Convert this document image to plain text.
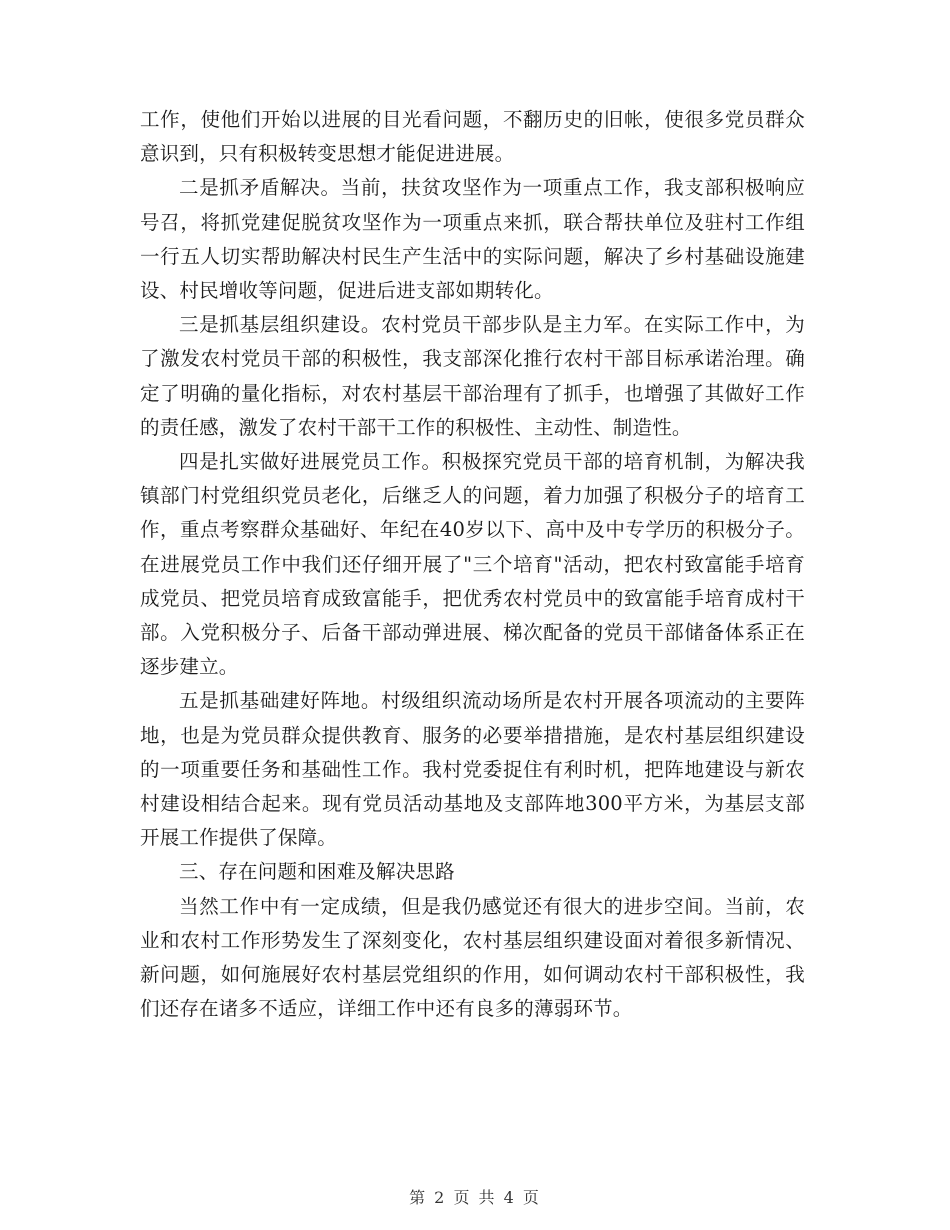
工作，使他们开始以进展的目光看问题，不翻历史的旧帐，使很多党员群众意识到，只有积极转变思想才能促进进展。

二是抓矛盾解决。当前，扶贫攻坚作为一项重点工作，我支部积极响应号召，将抓党建促脱贫攻坚作为一项重点来抓，联合帮扶单位及驻村工作组一行五人切实帮助解决村民生产生活中的实际问题，解决了乡村基础设施建设、村民增收等问题，促进后进支部如期转化。

三是抓基层组织建设。农村党员干部步队是主力军。在实际工作中，为了激发农村党员干部的积极性，我支部深化推行农村干部目标承诺治理。确定了明确的量化指标，对农村基层干部治理有了抓手，也增强了其做好工作的责任感，激发了农村干部干工作的积极性、主动性、制造性。

四是扎实做好进展党员工作。积极探究党员干部的培育机制，为解决我镇部门村党组织党员老化，后继乏人的问题，着力加强了积极分子的培育工作，重点考察群众基础好、年纪在40岁以下、高中及中专学历的积极分子。在进展党员工作中我们还仔细开展了"三个培育"活动，把农村致富能手培育成党员、把党员培育成致富能手，把优秀农村党员中的致富能手培育成村干部。入党积极分子、后备干部动弹进展、梯次配备的党员干部储备体系正在逐步建立。

五是抓基础建好阵地。村级组织流动场所是农村开展各项流动的主要阵地，也是为党员群众提供教育、服务的必要举措措施，是农村基层组织建设的一项重要任务和基础性工作。我村党委捉住有利时机，把阵地建设与新农村建设相结合起来。现有党员活动基地及支部阵地300平方米，为基层支部开展工作提供了保障。

三、存在问题和困难及解决思路

当然工作中有一定成绩，但是我仍感觉还有很大的进步空间。当前，农业和农村工作形势发生了深刻变化，农村基层组织建设面对着很多新情况、新问题，如何施展好农村基层党组织的作用，如何调动农村干部积极性，我们还存在诸多不适应，详细工作中还有良多的薄弱环节。

第 2 页 共 4 页
